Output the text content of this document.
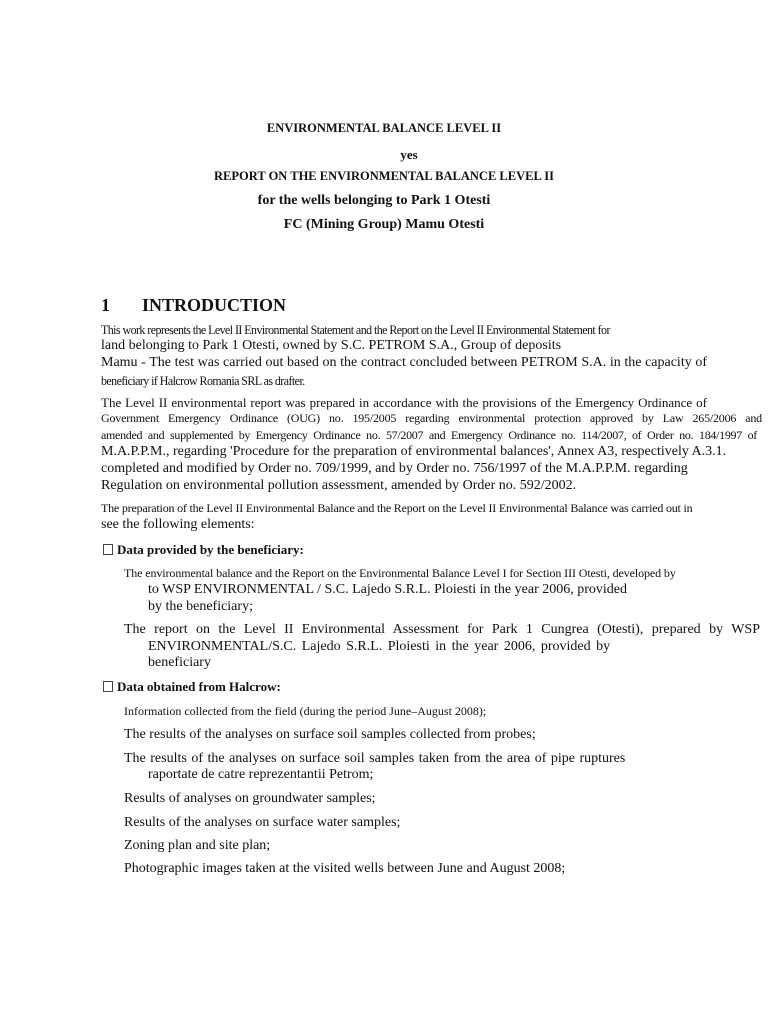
ENVIRONMENTAL BALANCE LEVEL II
yes
REPORT ON THE ENVIRONMENTAL BALANCE LEVEL II
for the wells belonging to Park 1 Otesti
FC (Mining Group) Mamu Otesti
1 INTRODUCTION
This work represents the Level II Environmental Statement and the Report on the Level II Environmental Statement for
land belonging to Park 1 Otesti, owned by S.C. PETROM S.A., Group of deposits
Mamu - The test was carried out based on the contract concluded between PETROM S.A. in the capacity of
beneficiary if Halcrow Romania SRL as drafter.
The Level II environmental report was prepared in accordance with the provisions of the Emergency Ordinance of
Government Emergency Ordinance (OUG) no. 195/2005 regarding environmental protection approved by Law 265/2006 and
amended and supplemented by Emergency Ordinance no. 57/2007 and Emergency Ordinance no. 114/2007, of Order no. 184/1997 of
M.A.P.P.M., regarding 'Procedure for the preparation of environmental balances', Annex A3, respectively A.3.1.
completed and modified by Order no. 709/1999, and by Order no. 756/1997 of the M.A.P.P.M. regarding
Regulation on environmental pollution assessment, amended by Order no. 592/2002.
The preparation of the Level II Environmental Balance and the Report on the Level II Environmental Balance was carried out in
see the following elements:
Data provided by the beneficiary:
The environmental balance and the Report on the Environmental Balance Level I for Section III Otesti, developed by
to WSP ENVIRONMENTAL / S.C. Lajedo S.R.L. Ploiesti in the year 2006, provided
by the beneficiary;
The report on the Level II Environmental Assessment for Park 1 Cungrea (Otesti), prepared by WSP
ENVIRONMENTAL/S.C. Lajedo S.R.L. Ploiesti in the year 2006, provided by
beneficiary
Data obtained from Halcrow:
Information collected from the field (during the period June–August 2008);
The results of the analyses on surface soil samples collected from probes;
The results of the analyses on surface soil samples taken from the area of pipe ruptures
raportate de catre reprezentantii Petrom;
Results of analyses on groundwater samples;
Results of the analyses on surface water samples;
Zoning plan and site plan;
Photographic images taken at the visited wells between June and August 2008;
